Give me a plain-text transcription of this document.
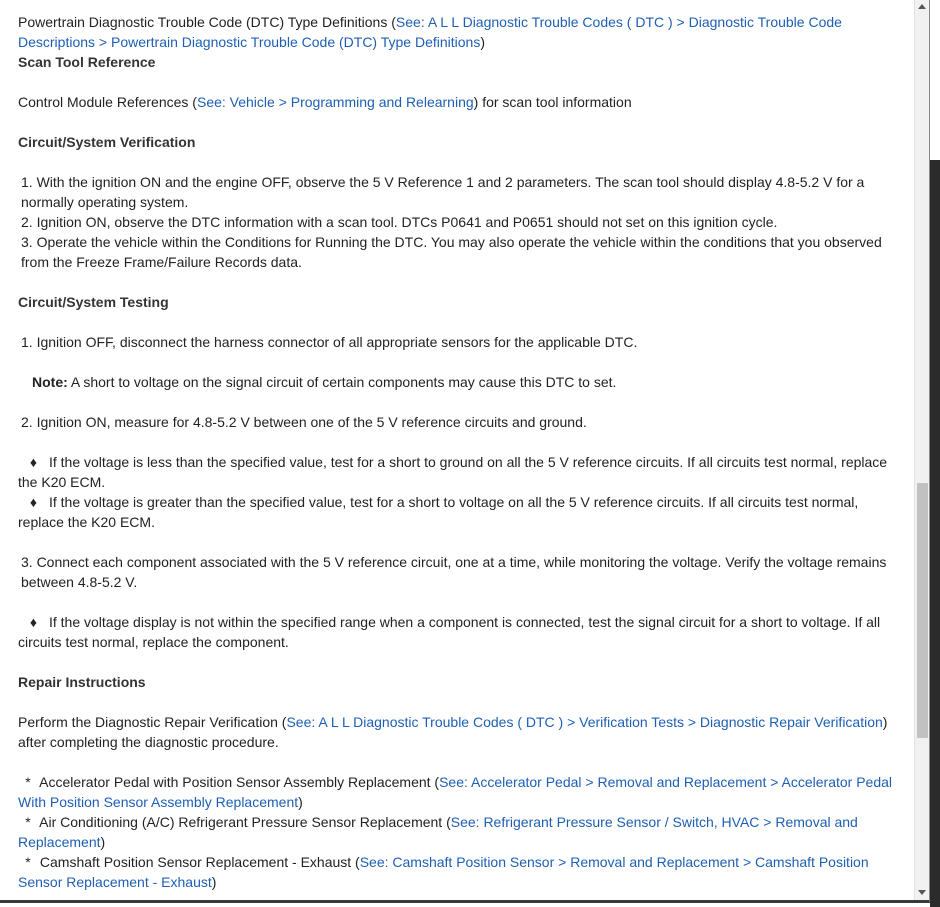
Powertrain Diagnostic Trouble Code (DTC) Type Definitions (See: A L L Diagnostic Trouble Codes ( DTC ) > Diagnostic Trouble Code Descriptions > Powertrain Diagnostic Trouble Code (DTC) Type Definitions)

Scan Tool Reference

Control Module References (See: Vehicle > Programming and Relearning) for scan tool information

Circuit/System Verification

1. With the ignition ON and the engine OFF, observe the 5 V Reference 1 and 2 parameters. The scan tool should display 4.8-5.2 V for a normally operating system.

2. Ignition ON, observe the DTC information with a scan tool. DTCs P0641 and P0651 should not set on this ignition cycle.

3. Operate the vehicle within the Conditions for Running the DTC. You may also operate the vehicle within the conditions that you observed from the Freeze Frame/Failure Records data.

Circuit/System Testing

1. Ignition OFF, disconnect the harness connector of all appropriate sensors for the applicable DTC.

Note: A short to voltage on the signal circuit of certain components may cause this DTC to set.

2. Ignition ON, measure for 4.8-5.2 V between one of the 5 V reference circuits and ground.

♦ If the voltage is less than the specified value, test for a short to ground on all the 5 V reference circuits. If all circuits test normal, replace the K20 ECM.

♦ If the voltage is greater than the specified value, test for a short to voltage on all the 5 V reference circuits. If all circuits test normal, replace the K20 ECM.

3. Connect each component associated with the 5 V reference circuit, one at a time, while monitoring the voltage. Verify the voltage remains between 4.8-5.2 V.

♦ If the voltage display is not within the specified range when a component is connected, test the signal circuit for a short to voltage. If all circuits test normal, replace the component.

Repair Instructions

Perform the Diagnostic Repair Verification (See: A L L Diagnostic Trouble Codes ( DTC ) > Verification Tests > Diagnostic Repair Verification) after completing the diagnostic procedure.

* Accelerator Pedal with Position Sensor Assembly Replacement (See: Accelerator Pedal > Removal and Replacement > Accelerator Pedal With Position Sensor Assembly Replacement)

* Air Conditioning (A/C) Refrigerant Pressure Sensor Replacement (See: Refrigerant Pressure Sensor / Switch, HVAC > Removal and Replacement)

* Camshaft Position Sensor Replacement - Exhaust (See: Camshaft Position Sensor > Removal and Replacement > Camshaft Position Sensor Replacement - Exhaust)
